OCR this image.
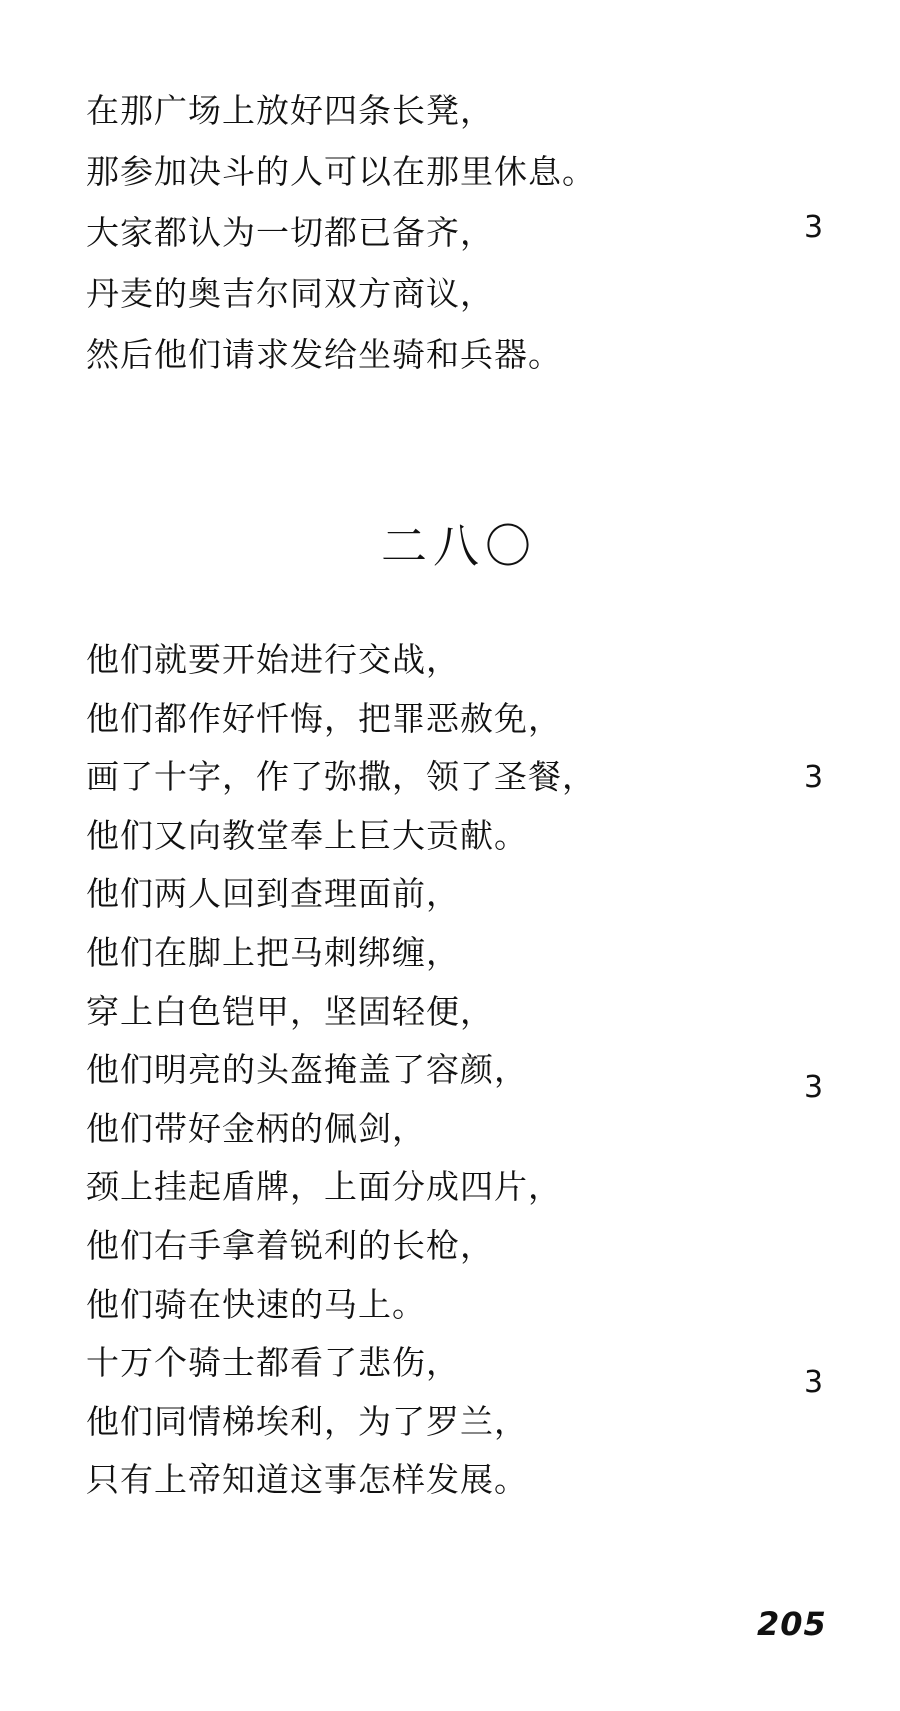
在那广场上放好四条长凳，
那参加决斗的人可以在那里休息。
大家都认为一切都已备齐，
丹麦的奥吉尔同双方商议，
然后他们请求发给坐骑和兵器。
3
二八〇
他们就要开始进行交战，
他们都作好忏悔，把罪恶赦免，
画了十字，作了弥撒，领了圣餐，
他们又向教堂奉上巨大贡献。
他们两人回到查理面前，
他们在脚上把马刺绑缠，
穿上白色铠甲，坚固轻便，
他们明亮的头盔掩盖了容颜，
他们带好金柄的佩剑，
颈上挂起盾牌，上面分成四片，
他们右手拿着锐利的长枪，
他们骑在快速的马上。
十万个骑士都看了悲伤，
他们同情梯埃利，为了罗兰，
只有上帝知道这事怎样发展。
3
3
3
205
